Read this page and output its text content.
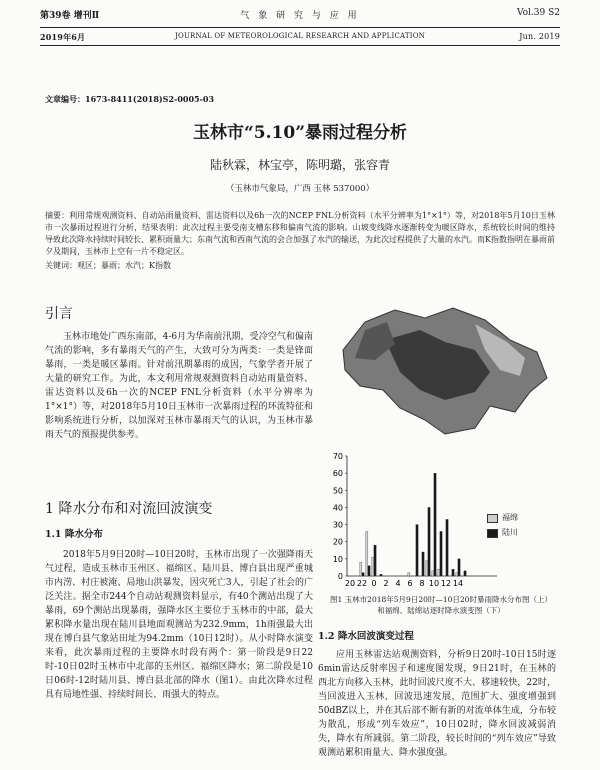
第39卷 增刊Ⅱ	气 象 研 究 与 应 用	Vol.39 S2
2019年6月	JOURNAL OF METEOROLOGICAL RESEARCH AND APPLICATION	Jun. 2019
文章编号：1673-8411(2018)S2-0005-03
玉林市“5.10”暴雨过程分析
陆秋霖，林宝亭，陈明璐，张容青
（玉林市气象局，广西 玉林 537000）
摘要：利用常规观测资料、自动站雨量资料、雷达资料以及6h一次的NCEP FNL分析资料（水平分辨率为1°×1°）等，对2018年5月10日玉林市一次暴雨过程进行分析，结果表明：此次过程主要受南支槽东移和偏南气流的影响。山坡变线降水逐渐转变为暖区降水，系统较长时间的维持导致此次降水持续时间较长、累积雨量大；东南气流和西南气流的会合加强了水汽的输送，为此次过程提供了大量的水汽。而K指数指明在暴雨前夕及期间，玉林市上空有一片不稳定区。
关键词：观区；暴雨；水汽；K指数
引言
玉林市地处广西东南部，4-6月为华南前汛期，受冷空气和偏南气流的影响，多有暴雨天气的产生，大致可分为两类：一类是锋面暴雨，一类是暖区暴雨。针对前汛期暴雨的成因，气象学者开展了大量的研究工作。为此，本文利用常规观测资料自动站雨量资料、雷达资料以及6h一次的NCEP FNL分析资料（水平分辨率为1°×1°）等，对2018年5月10日玉林市一次暴雨过程的环流特征和影响系统进行分析，以加深对玉林市暴雨天气的认识，为玉林市暴雨天气的预报提供参考。
1 降水分布和对流回波演变
1.1 降水分布
2018年5月9日20时—10日20时，玉林市出现了一次强降雨天气过程，造成玉林市玉州区、福绵区、陆川县、博白县出现严重城市内涝、村庄被淹、局地山洪暴发，因灾死亡3人，引起了社会的广泛关注。据全市244个自动站观测资料显示，有40个测站出现了大暴雨，69个测站出现暴雨，强降水区主要位于玉林市的中部，最大累积降水量出现在陆川县地面观测站为232.9mm，1h雨强最大出现在博白县气象站田址为94.2mm（10日12时）。从小时降水演变来看，此次暴雨过程的主要降水时段有两个：第一阶段是9日22时-10日02时玉林市中北部的玉州区、福绵区降水；第二阶段是10日06时-12时陆川县、博白县北部的降水（图1）。由此次降水过程具有局地性强、持续时间长、雨强大的特点。
0
10
20
30
40
50
60
70
20 22 0 2 4 6 8 10 12 14
福绵
陆川
图1 玉林市2018年5月9日20时—10日20时暴雨降水分布图（上）和福绵、陆绵站逐时降水演变图（下）
1.2 降水回波演变过程
应用玉林雷达站观测资料，分析9日20时-10日15时逐6min雷达反射率因子和速度图发现，9日21时，在玉林的西北方向移入玉林，此时回波尺度不大、移速较快，22时，当回波进入玉林，回波迅速发展，范围扩大、强度增强到50dBZ以上，并在其后部不断有新的对流单体生成，分布较为散乱，形成“列车效应”，10日02时，降水回波减弱消失，降水有所减弱。第二阶段，较长时间的“列车效应”导致观测站累积雨量大、降水强度强。
